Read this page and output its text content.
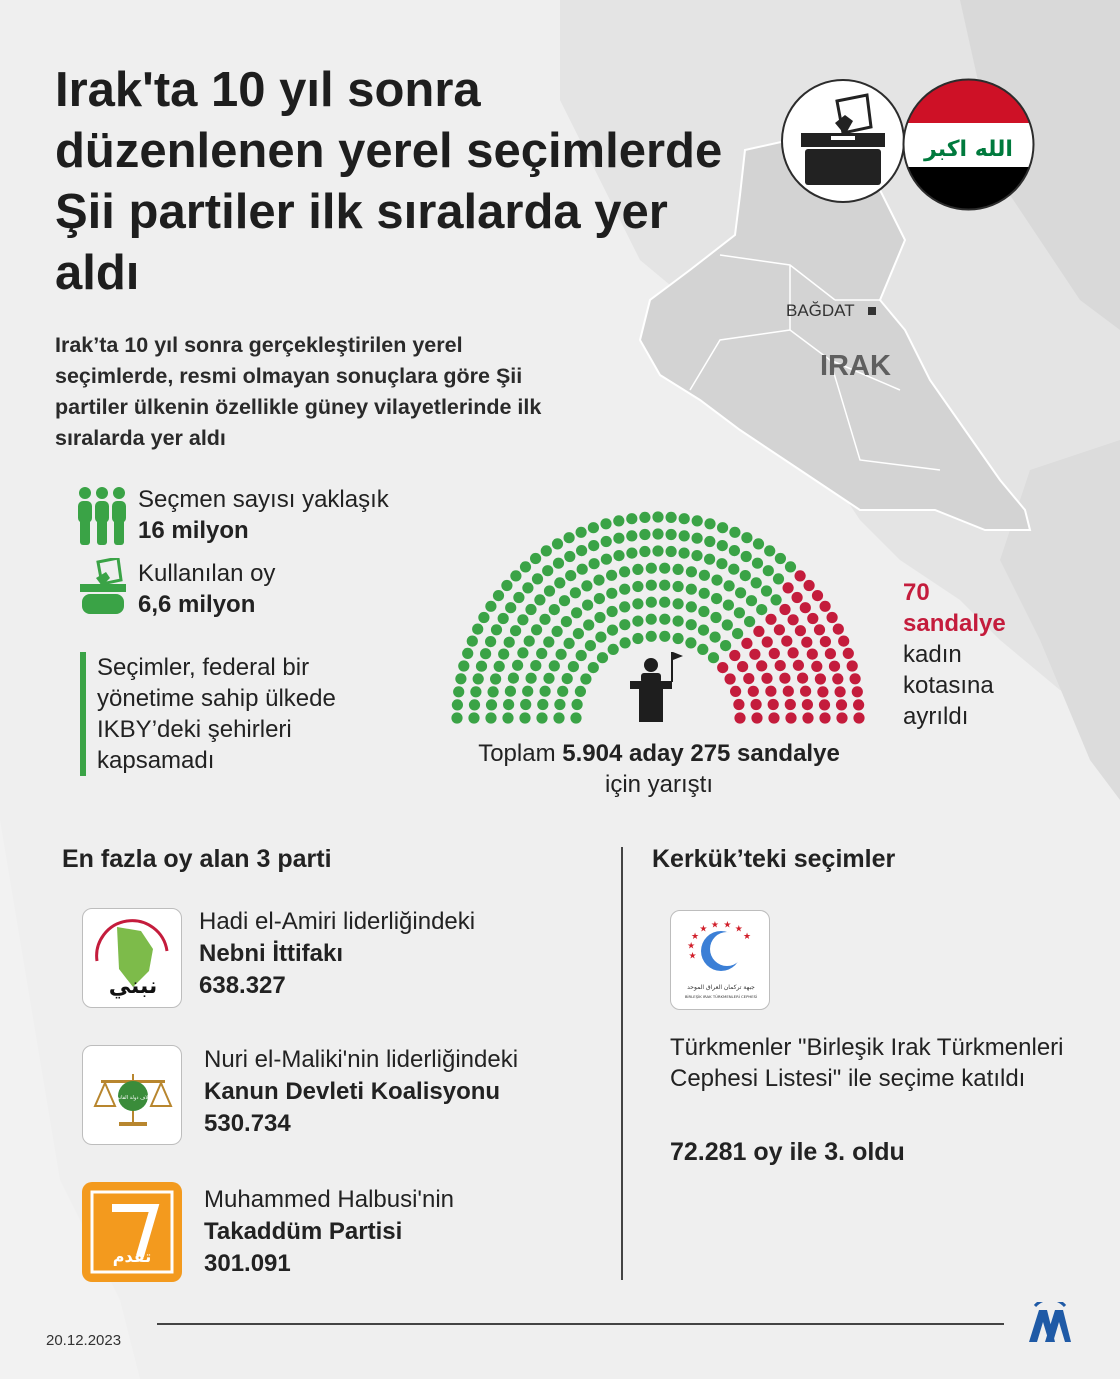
BAĞDAT
IRAK
الله اكبر
Irak'ta 10 yıl sonra düzenlenen yerel seçimlerde Şii partiler ilk sıralarda yer aldı
Irak’ta 10 yıl sonra gerçekleştirilen yerel seçimlerde, resmi olmayan sonuçlara göre Şii partiler ülkenin özellikle güney vilayetlerinde ilk sıralarda yer aldı
Seçmen sayısı yaklaşık
16 milyon
Kullanılan oy
6,6 milyon
Seçimler, federal bir yönetime sahip ülkede IKBY’deki şehirleri kapsamadı
70
sandalye
kadın
kotasına
ayrıldı
Toplam 5.904 aday 275 sandalye
için yarıştı
En fazla oy alan 3 parti
نبني
Hadi el-Amiri liderliğindeki
Nebni İttifakı
638.327
ائتلاف دولة القانون
Nuri el-Maliki'nin liderliğindeki
Kanun Devleti Koalisyonu
530.734
تقدم
Muhammed Halbusi'nin
Takaddüm Partisi
301.091
Kerkük’teki seçimler
★
★
★
★ ★ ★ ★
★
جبهة تركمان العراق الموحد
BİRLEŞİK IRAK TÜRKMENLERİ CEPHESİ
Türkmenler "Birleşik Irak Türkmenleri Cephesi Listesi" ile seçime katıldı
72.281 oy ile 3. oldu
20.12.2023
